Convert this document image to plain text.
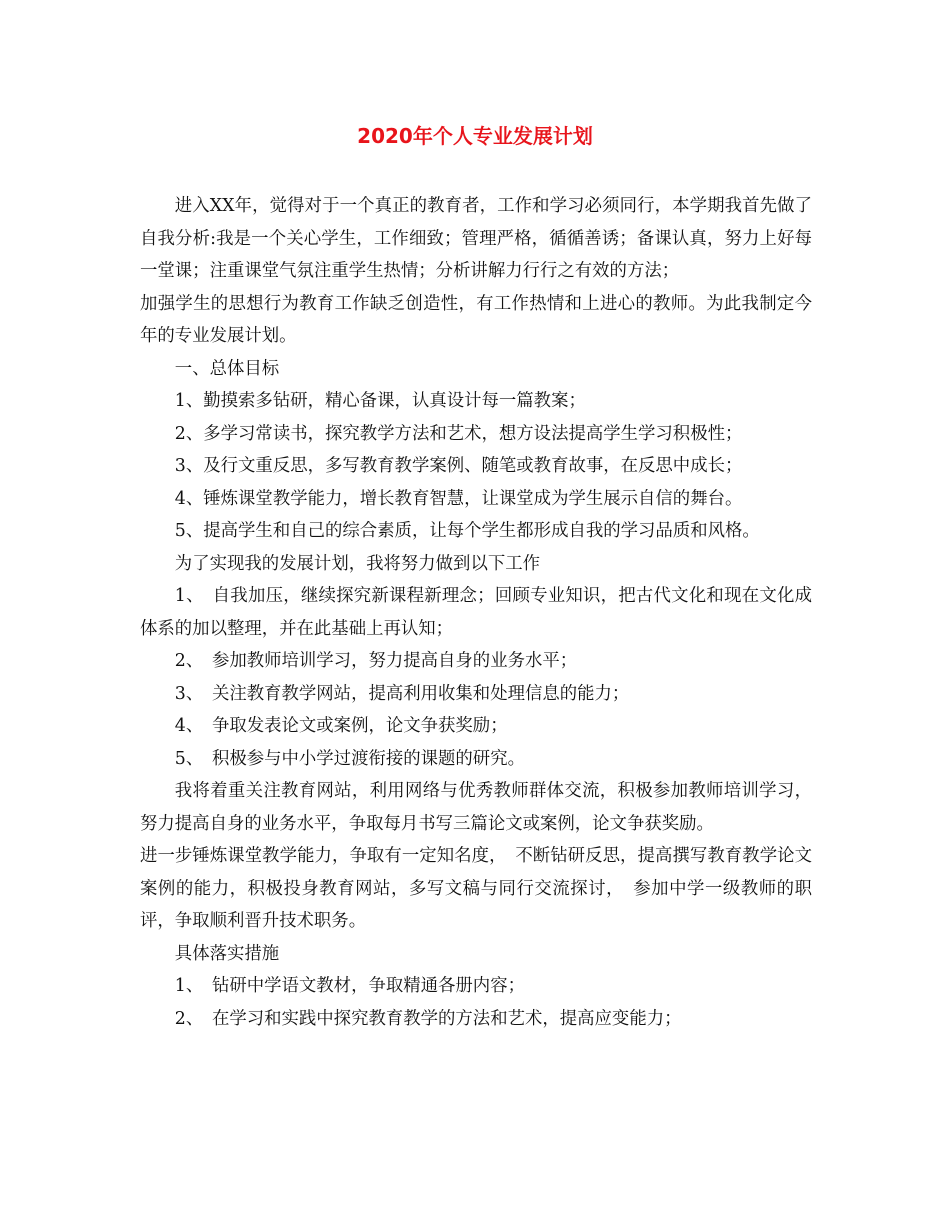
2020年个人专业发展计划

进入XX年，觉得对于一个真正的教育者，工作和学习必须同行，本学期我首先做了自我分析:我是一个关心学生，工作细致；管理严格，循循善诱；备课认真，努力上好每一堂课；注重课堂气氛注重学生热情；分析讲解力行行之有效的方法；

加强学生的思想行为教育工作缺乏创造性，有工作热情和上进心的教师。为此我制定今年的专业发展计划。

一、总体目标

1、勤摸索多钻研，精心备课，认真设计每一篇教案；

2、多学习常读书，探究教学方法和艺术，想方设法提高学生学习积极性；

3、及行文重反思，多写教育教学案例、随笔或教育故事，在反思中成长；

4、锤炼课堂教学能力，增长教育智慧，让课堂成为学生展示自信的舞台。

5、提高学生和自己的综合素质，让每个学生都形成自我的学习品质和风格。

为了实现我的发展计划，我将努力做到以下工作

1、　自我加压，继续探究新课程新理念；回顾专业知识，把古代文化和现在文化成体系的加以整理，并在此基础上再认知；

2、　参加教师培训学习，努力提高自身的业务水平；

3、　关注教育教学网站，提高利用收集和处理信息的能力；

4、　争取发表论文或案例，论文争获奖励；

5、　积极参与中小学过渡衔接的课题的研究。

我将着重关注教育网站，利用网络与优秀教师群体交流，积极参加教师培训学习，努力提高自身的业务水平，争取每月书写三篇论文或案例，论文争获奖励。

进一步锤炼课堂教学能力，争取有一定知名度，　不断钻研反思，提高撰写教育教学论文案例的能力，积极投身教育网站，多写文稿与同行交流探讨，　参加中学一级教师的职评，争取顺利晋升技术职务。

具体落实措施

1、　钻研中学语文教材，争取精通各册内容；

2、　在学习和实践中探究教育教学的方法和艺术，提高应变能力；
